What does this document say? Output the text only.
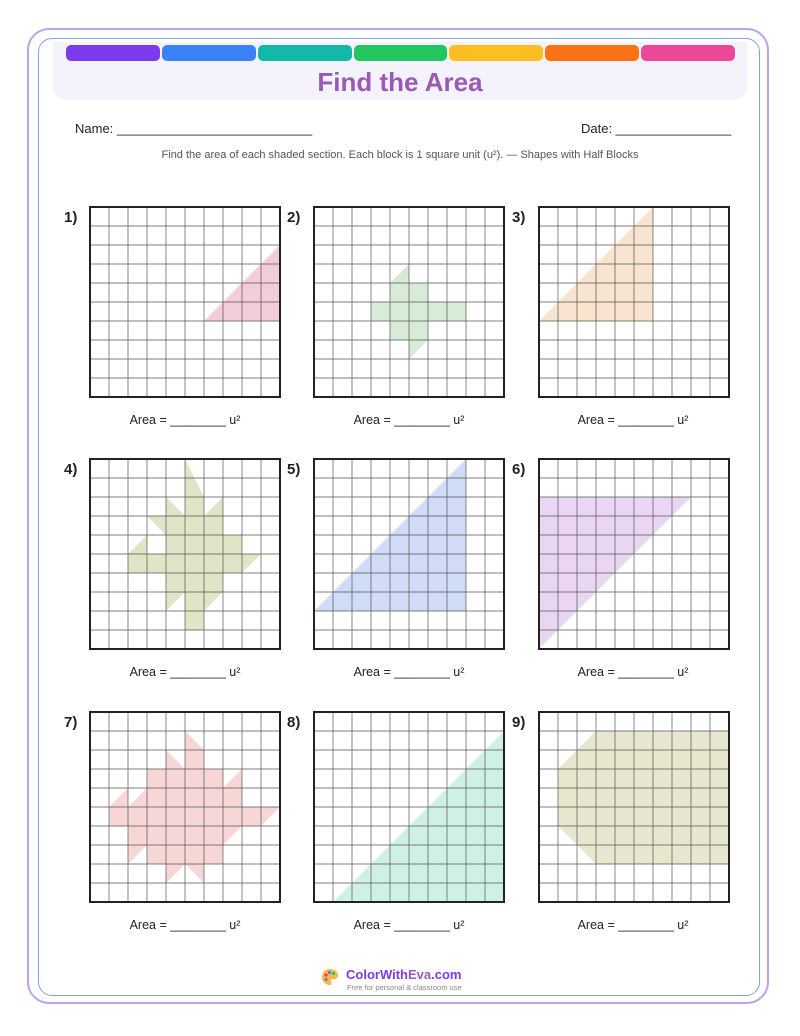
Find the Area
Name: ___________________________	Date: ________________
Find the area of each shaded section. Each block is 1 square unit (u²). — Shapes with Half Blocks
1)
Area = ________ u²
2)
Area = ________ u²
3)
Area = ________ u²
4)
Area = ________ u²
5)
Area = ________ u²
6)
Area = ________ u²
7)
Area = ________ u²
8)
Area = ________ u²
9)
Area = ________ u²
ColorWithEva.com
Free for personal & classroom use
